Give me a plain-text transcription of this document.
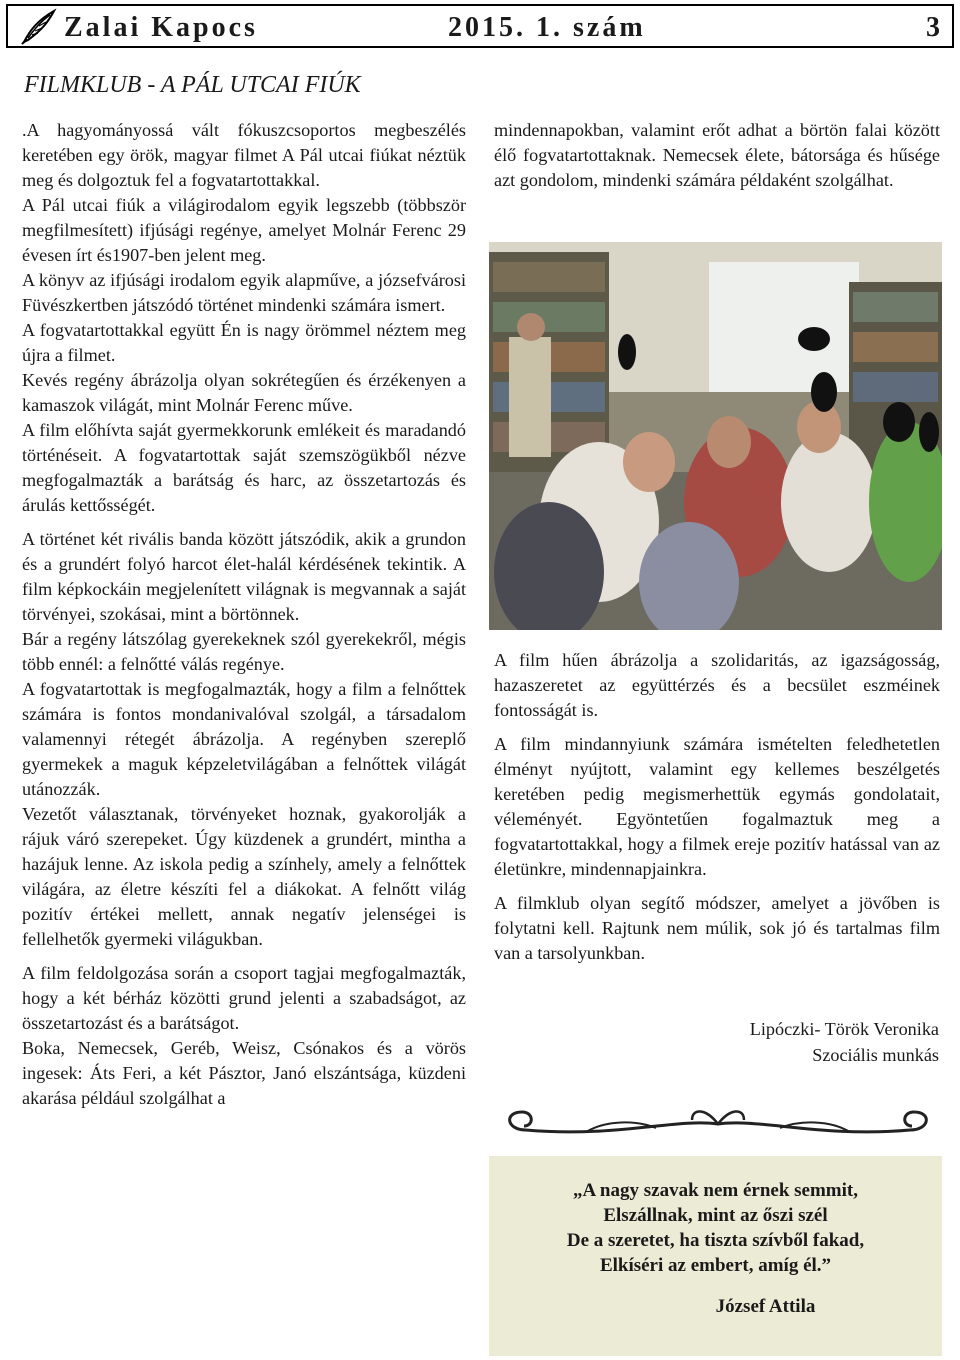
Zalai Kapocs	2015. 1. szám	3
FILMKLUB - A PÁL UTCAI FIÚK

.A hagyományossá vált fókuszcsoportos megbeszélés keretében egy örök, magyar filmet A Pál utcai fiúkat néztük meg és dolgoztuk fel a fogvatartottakkal.

A Pál utcai fiúk a világirodalom egyik legszebb (többször megfilmesített) ifjúsági regénye, amelyet Molnár Ferenc 29 évesen írt és1907-ben jelent meg.

A könyv az ifjúsági irodalom egyik alapműve, a józsefvárosi Füvészkertben játszódó történet mindenki számára ismert.

A fogvatartottakkal együtt Én is nagy örömmel néztem meg újra a filmet.

Kevés regény ábrázolja olyan sokrétegűen és érzékenyen a kamaszok világát, mint Molnár Ferenc műve.

A film előhívta saját gyermekkorunk emlékeit és maradandó történéseit. A fogvatartottak saját szemszögükből nézve megfogalmazták a barátság és harc, az összetartozás és árulás kettősségét.

A történet két rivális banda között játszódik, akik a grundon és a grundért folyó harcot élet-halál kérdésének tekintik. A film képkockáin megjelenített világnak is megvannak a saját törvényei, szokásai, mint a börtönnek.

Bár a regény látszólag gyerekeknek szól gyerekekről, mégis több ennél: a felnőtté válás regénye.

A fogvatartottak is megfogalmazták, hogy a film a felnőttek számára is fontos mondanivalóval szolgál, a társadalom valamennyi rétegét ábrázolja. A regényben szereplő gyermekek a maguk képzeletvilágában a felnőttek világát utánozzák.

Vezetőt választanak, törvényeket hoznak, gyakorolják a rájuk váró szerepeket. Úgy küzdenek a grundért, mintha a hazájuk lenne. Az iskola pedig a színhely, amely a felnőttek világára, az életre készíti fel a diákokat. A felnőtt világ pozitív értékei mellett, annak negatív jelenségei is fellelhetők gyermeki világukban.

A film feldolgozása során a csoport tagjai megfogalmazták, hogy a két bérház közötti grund jelenti a szabadságot, az összetartozást és a barátságot.

Boka, Nemecsek, Geréb, Weisz, Csónakos és a vörös ingesek: Áts Feri, a két Pásztor, Janó elszántsága, küzdeni akarása például szolgálhat a

mindennapokban, valamint erőt adhat a börtön falai között élő fogvatartottaknak. Nemecsek élete, bátorsága és hűsége azt gondolom, mindenki számára példaként szolgálhat.

A film hűen ábrázolja a szolidaritás, az igazságosság, hazaszeretet az együttérzés és a becsület eszméinek fontosságát is.

A film mindannyiunk számára ismételten feledhetetlen élményt nyújtott, valamint egy kellemes beszélgetés keretében pedig megismerhettük egymás gondolatait, véleményét. Egyöntetűen fogalmaztuk meg a fogvatartottakkal, hogy a filmek ereje pozitív hatással van az életünkre, mindennapjainkra.

A filmklub olyan segítő módszer, amelyet a jövőben is folytatni kell. Rajtunk nem múlik, sok jó és tartalmas film van a tarsolyunkban.

Lipóczki- Török Veronika
Szociális munkás
„A nagy szavak nem érnek semmit,
Elszállnak, mint az őszi szél
De a szeretet, ha tiszta szívből fakad,
Elkíséri az embert, amíg él.”
József Attila
